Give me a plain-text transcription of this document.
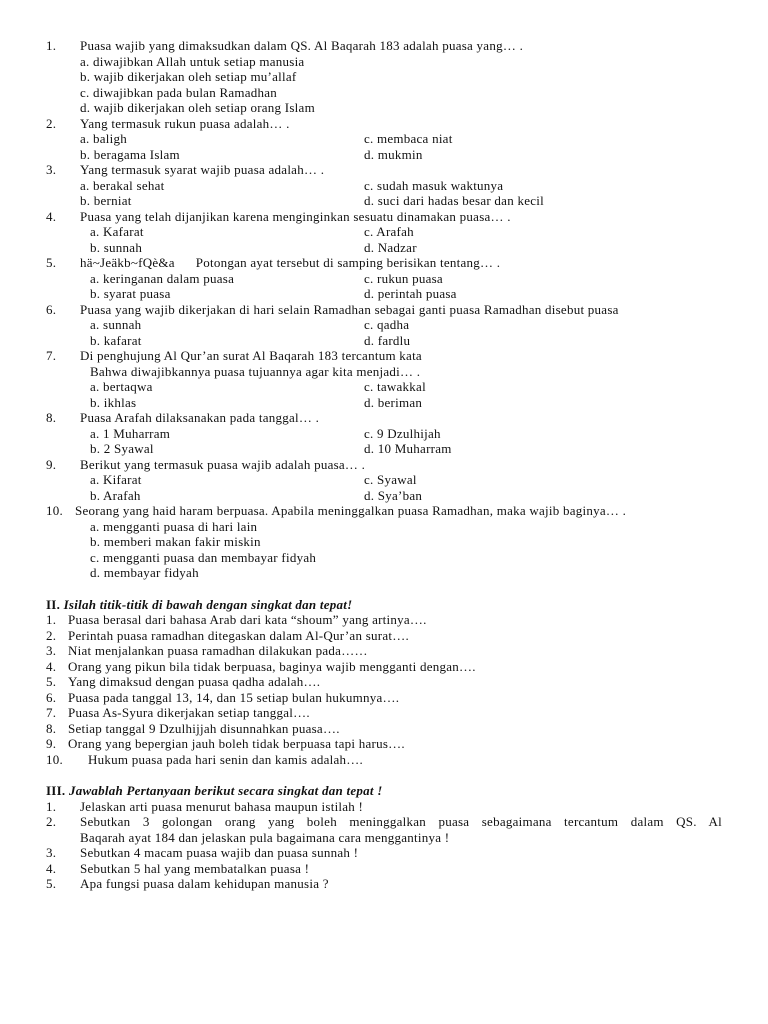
1. Puasa wajib yang dimaksudkan dalam QS. Al Baqarah 183 adalah puasa yang… .
a. diwajibkan Allah untuk setiap manusia
b. wajib dikerjakan oleh setiap mu’allaf
c. diwajibkan pada bulan Ramadhan
d. wajib dikerjakan oleh setiap orang Islam
2. Yang termasuk rukun puasa adalah… .
a. baligh	c. membaca niat
b. beragama Islam	d. mukmin
3. Yang termasuk syarat wajib puasa adalah… .
a. berakal sehat	c. sudah masuk waktunya
b. berniat	d. suci dari hadas besar dan kecil
4. Puasa yang telah dijanjikan karena menginginkan sesuatu dinamakan puasa… .
a. Kafarat	c. Arafah
b. sunnah	d. Nadzar
5. hä~Jeäkb~fQè&a      Potongan ayat tersebut di samping berisikan tentang… .
a. keringanan dalam puasa	c. rukun puasa
b. syarat puasa	d. perintah puasa
6. Puasa yang wajib dikerjakan di hari selain Ramadhan sebagai ganti puasa Ramadhan disebut puasa
a. sunnah	c. qadha
b. kafarat	d. fardlu
7. Di penghujung Al Qur’an surat Al Baqarah 183 tercantum kata
Bahwa diwajibkannya puasa tujuannya agar kita menjadi… .
a. bertaqwa	c. tawakkal
b. ikhlas	d. beriman
8. Puasa Arafah dilaksanakan pada tanggal… .
a. 1 Muharram	c. 9 Dzulhijah
b. 2 Syawal	d. 10 Muharram
9. Berikut yang termasuk puasa wajib adalah puasa… .
a. Kifarat	c. Syawal
b. Arafah	d. Sya’ban
10. Seorang yang haid haram berpuasa. Apabila meninggalkan puasa Ramadhan, maka wajib baginya… .
a. mengganti puasa di hari lain
b. memberi makan fakir miskin
c. mengganti puasa dan membayar fidyah
d. membayar fidyah
II. Isilah titik-titik di bawah dengan singkat dan tepat!
1. Puasa berasal dari bahasa Arab dari kata “shoum” yang artinya….
2. Perintah puasa ramadhan ditegaskan dalam Al-Qur’an surat….
3. Niat menjalankan puasa ramadhan dilakukan pada……
4. Orang yang pikun bila tidak berpuasa, baginya wajib mengganti dengan….
5. Yang dimaksud dengan puasa qadha adalah….
6. Puasa pada tanggal 13, 14, dan 15 setiap bulan hukumnya….
7. Puasa As-Syura dikerjakan setiap tanggal….
8. Setiap tanggal 9 Dzulhijjah disunnahkan puasa….
9. Orang yang bepergian jauh boleh tidak berpuasa tapi harus….
10. Hukum puasa pada hari senin dan kamis adalah….
III. Jawablah Pertanyaan berikut secara singkat dan tepat !
1. Jelaskan arti puasa menurut bahasa maupun istilah !
2. Sebutkan 3 golongan orang yang boleh meninggalkan puasa sebagaimana tercantum dalam QS. Al
Baqarah ayat 184 dan jelaskan pula bagaimana cara menggantinya !
3. Sebutkan 4 macam puasa wajib dan puasa sunnah !
4. Sebutkan 5 hal yang membatalkan puasa !
5. Apa fungsi puasa dalam kehidupan manusia ?
